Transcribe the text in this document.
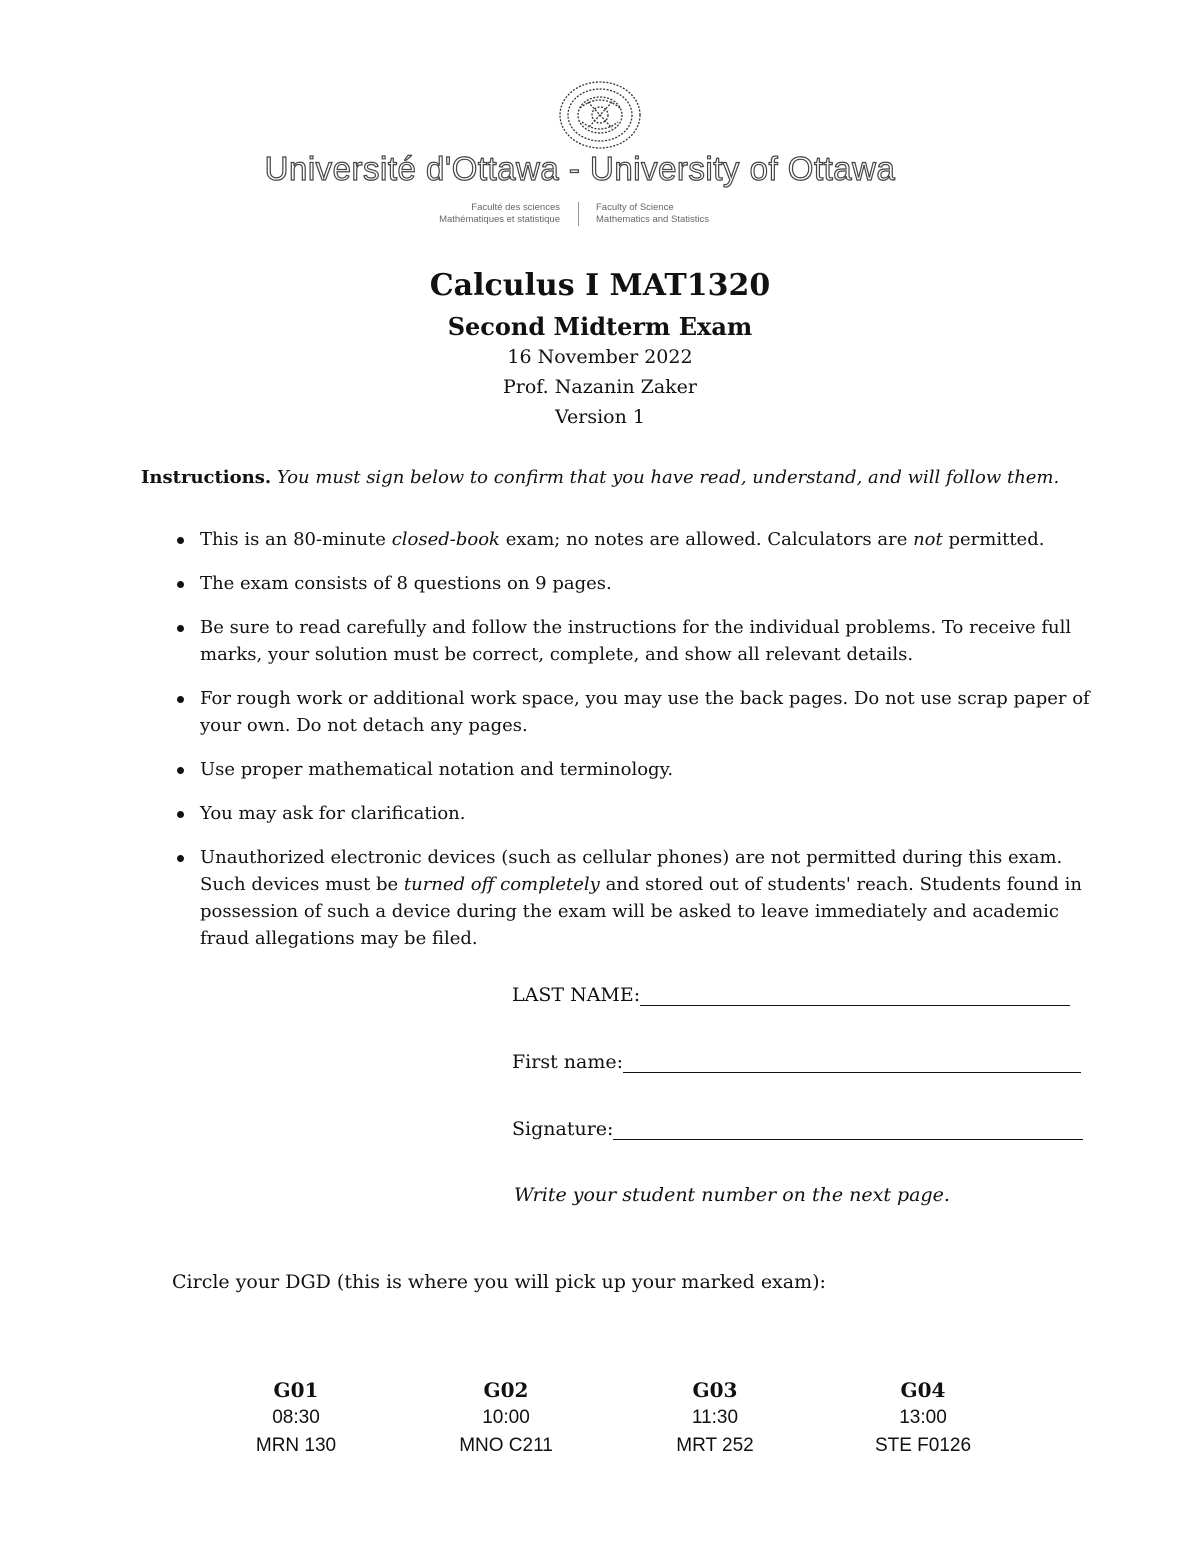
Université d'Ottawa - University of Ottawa
Faculté des sciences
Mathématiques et statistique
Faculty of Science
Mathematics and Statistics
Calculus I MAT1320
Second Midterm Exam
16 November 2022
Prof. Nazanin Zaker
Version 1
Instructions. You must sign below to confirm that you have read, understand, and will follow them.
This is an 80-minute closed-book exam; no notes are allowed. Calculators are not permitted.
The exam consists of 8 questions on 9 pages.
Be sure to read carefully and follow the instructions for the individual problems. To receive full marks, your solution must be correct, complete, and show all relevant details.
For rough work or additional work space, you may use the back pages. Do not use scrap paper of your own. Do not detach any pages.
Use proper mathematical notation and terminology.
You may ask for clarification.
Unauthorized electronic devices (such as cellular phones) are not permitted during this exam. Such devices must be turned off completely and stored out of students' reach. Students found in possession of such a device during the exam will be asked to leave immediately and academic fraud allegations may be filed.
LAST NAME:
First name:
Signature:
Write your student number on the next page.
Circle your DGD (this is where you will pick up your marked exam):
G01
08:30
MRN 130
G02
10:00
MNO C211
G03
11:30
MRT 252
G04
13:00
STE F0126
